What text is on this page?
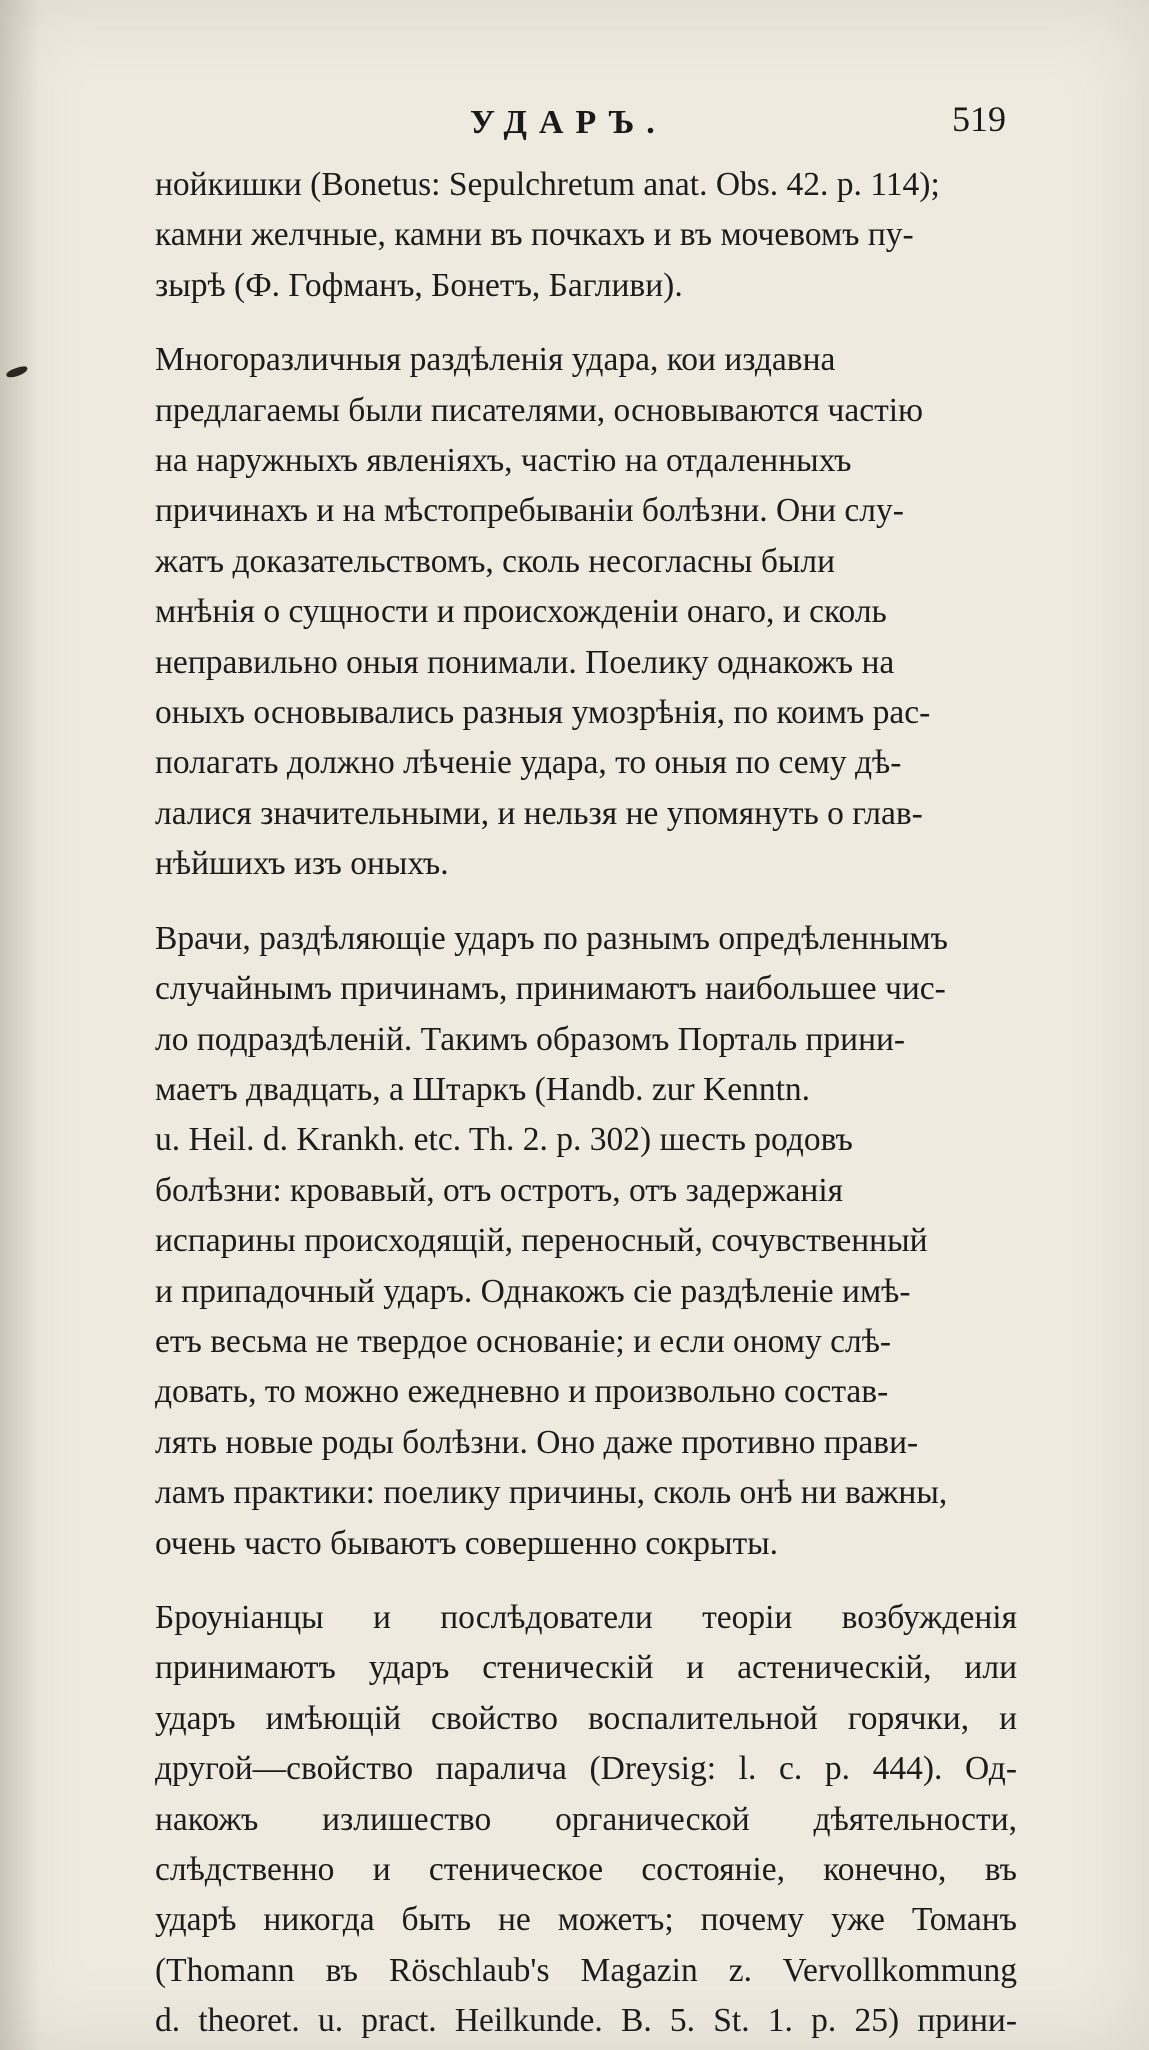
УДАРЪ.	519

нойкишки (Bonetus: Sepulchretum anat. Obs. 42. p. 114);
камни желчные, камни въ почкахъ и въ мочевомъ пу-
зырѣ (Ф. Гофманъ, Бонетъ, Багливи).

Многоразличныя раздѣленія удара, кои издавна
предлагаемы были писателями, основываются частію
на наружныхъ явленіяхъ, частію на отдаленныхъ
причинахъ и на мѣстопребываніи болѣзни. Они слу-
жатъ доказательствомъ, сколь несогласны были
мнѣнія о сущности и происхожденіи онаго, и сколь
неправильно оныя понимали. Поелику однакожъ на
оныхъ основывались разныя умозрѣнія, по коимъ рас-
полагать должно лѣченіе удара, то оныя по сему дѣ-
лалися значительными, и нельзя не упомянуть о глав-
нѣйшихъ изъ оныхъ.

Врачи, раздѣляющіе ударъ по разнымъ опредѣленнымъ
случайнымъ причинамъ, принимаютъ наибольшее чис-
ло подраздѣленій. Такимъ образомъ Порталь прини-
маетъ двадцать, а Штаркъ (Handb. zur Kenntn.
u. Heil. d. Krankh. etc. Th. 2. p. 302) шесть родовъ
болѣзни: кровавый, отъ остротъ, отъ задержанія
испарины происходящій, переносный, сочувственный
и припадочный ударъ. Однакожъ сіе раздѣленіе имѣ-
етъ весьма не твердое основаніе; и если оному слѣ-
довать, то можно ежедневно и произвольно состав-
лять новые роды болѣзни. Оно даже противно прави-
ламъ практики: поелику причины, сколь онѣ ни важны,
очень часто бываютъ совершенно сокрыты.

Броуніанцы и послѣдователи теоріи возбужденія
принимаютъ ударъ стеническій и астеническій, или
ударъ имѣющій свойство воспалительной горячки, и
другой—свойство паралича (Dreysig: l. c. p. 444). Од-
накожъ излишество органической дѣятельности,
слѣдственно и стеническое состояніе, конечно, въ
ударѣ никогда быть не можетъ; почему уже Томанъ
(Thomann въ Röschlaub's Magazin z. Vervollkommung
d. theoret. u. pract. Heilkunde. B. 5. St. 1. p. 25) прини-
